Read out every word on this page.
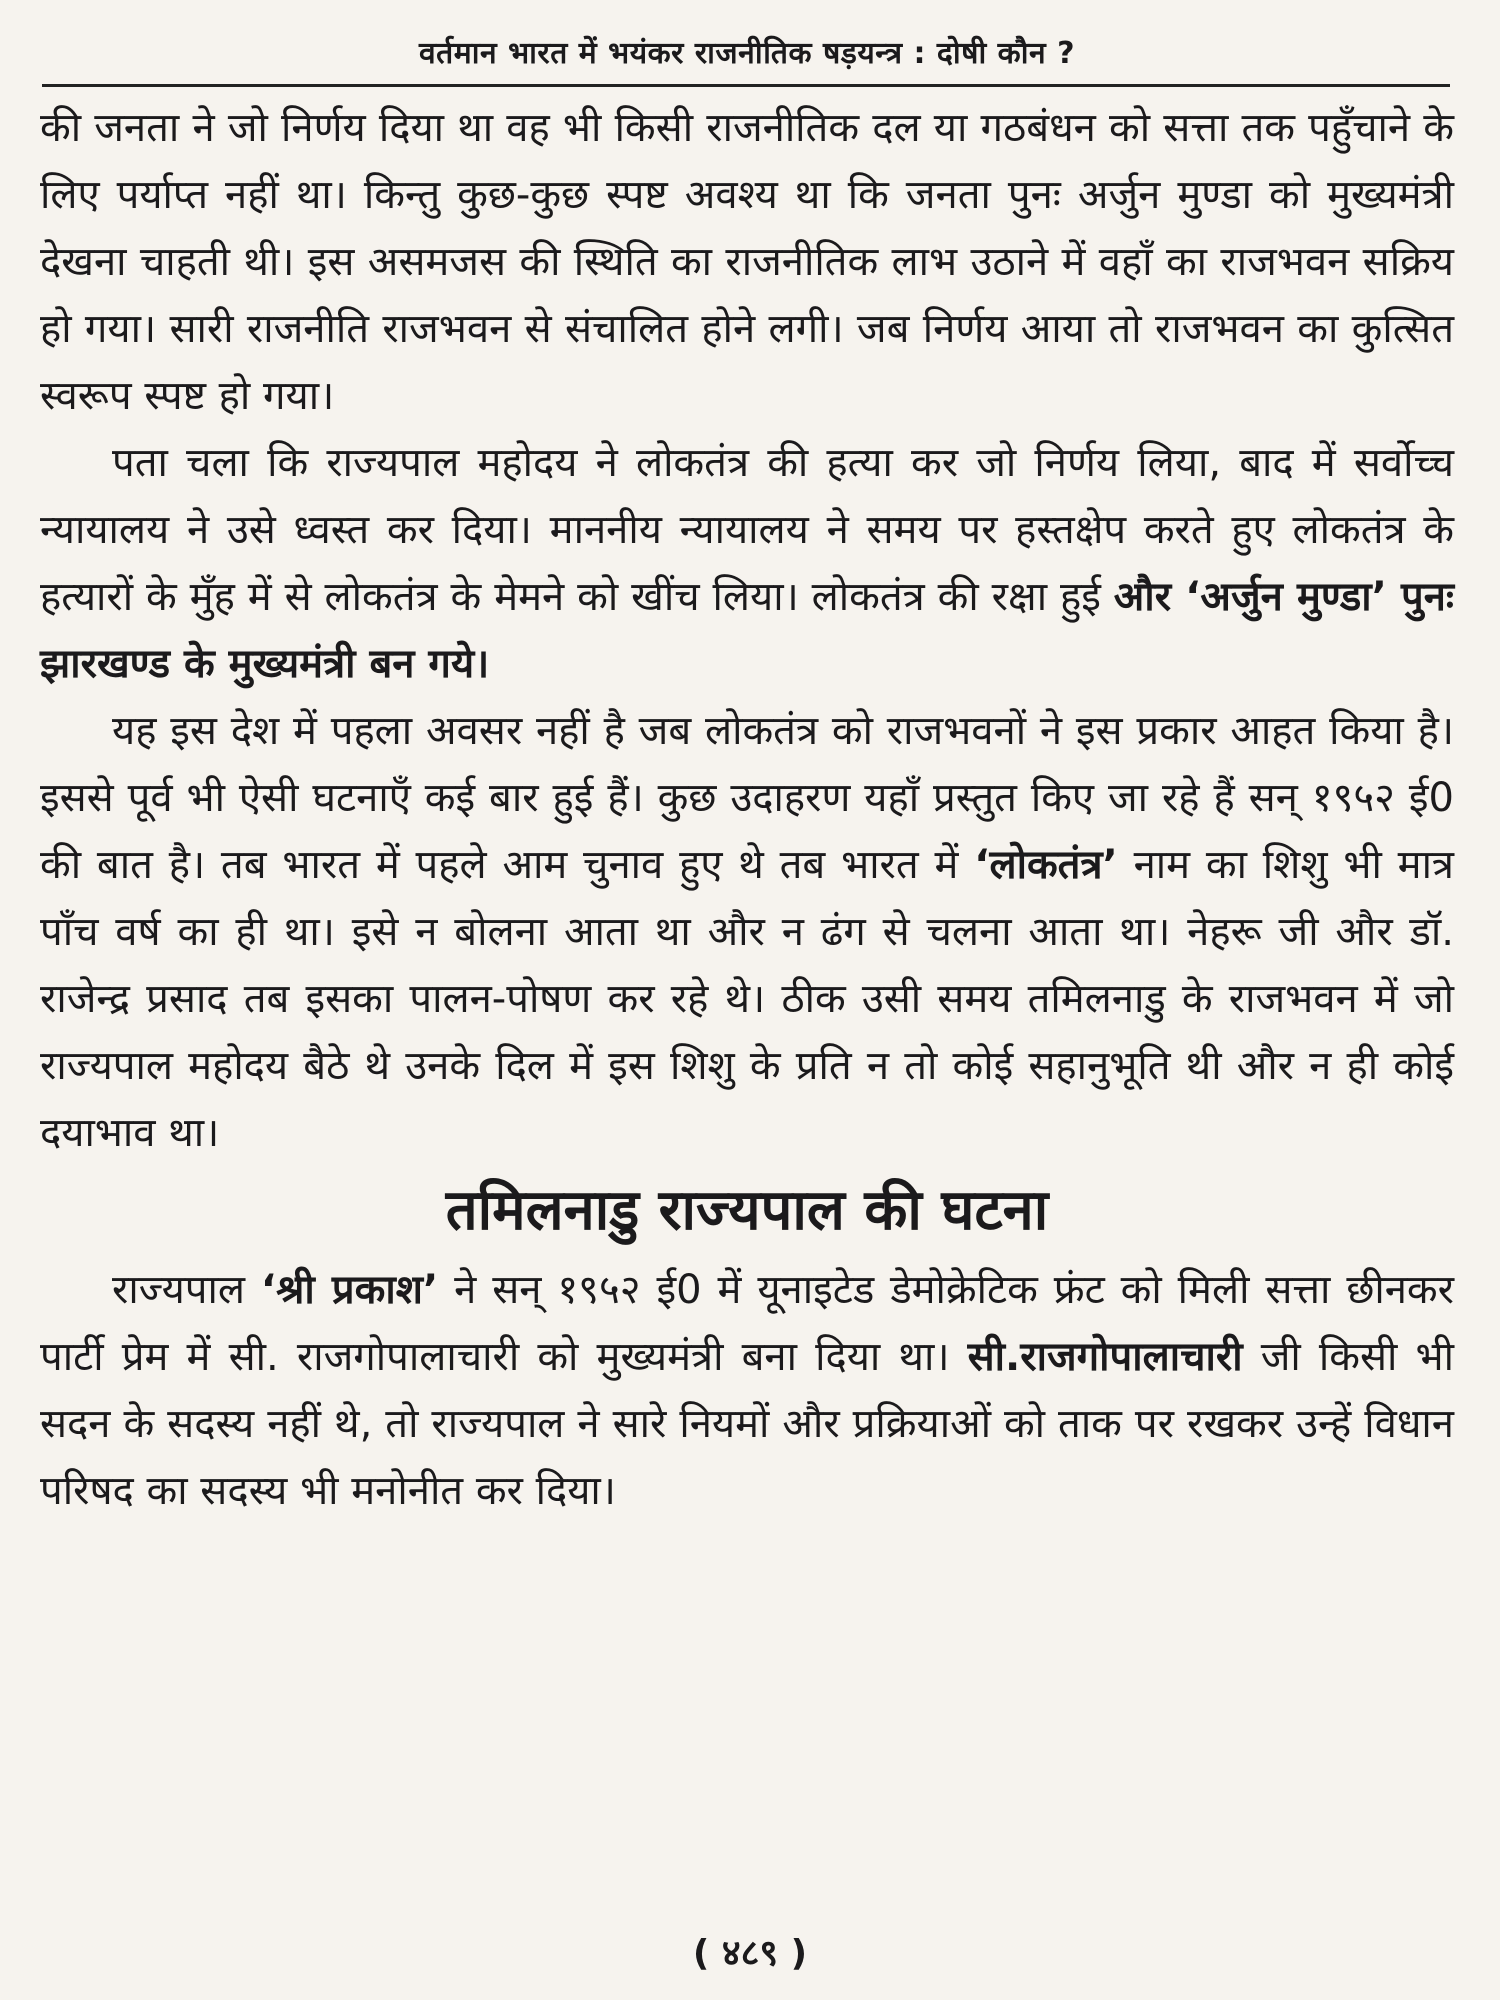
वर्तमान भारत में भयंकर राजनीतिक षड़यन्त्र : दोषी कौन ?

की जनता ने जो निर्णय दिया था वह भी किसी राजनीतिक दल या गठबंधन को सत्ता तक पहुँचाने के लिए पर्याप्त नहीं था। किन्तु कुछ-कुछ स्पष्ट अवश्य था कि जनता पुनः अर्जुन मुण्डा को मुख्यमंत्री देखना चाहती थी। इस असमजस की स्थिति का राजनीतिक लाभ उठाने में वहाँ का राजभवन सक्रिय हो गया। सारी राजनीति राजभवन से संचालित होने लगी। जब निर्णय आया तो राजभवन का कुत्सित स्वरूप स्पष्ट हो गया।

पता चला कि राज्यपाल महोदय ने लोकतंत्र की हत्या कर जो निर्णय लिया, बाद में सर्वोच्च न्यायालय ने उसे ध्वस्त कर दिया। माननीय न्यायालय ने समय पर हस्तक्षेप करते हुए लोकतंत्र के हत्यारों के मुँह में से लोकतंत्र के मेमने को खींच लिया। लोकतंत्र की रक्षा हुई और ‘अर्जुन मुण्डा’ पुनः झारखण्ड के मुख्यमंत्री बन गये।

यह इस देश में पहला अवसर नहीं है जब लोकतंत्र को राजभवनों ने इस प्रकार आहत किया है। इससे पूर्व भी ऐसी घटनाएँ कई बार हुई हैं। कुछ उदाहरण यहाँ प्रस्तुत किए जा रहे हैं सन् १९५२ ई0 की बात है। तब भारत में पहले आम चुनाव हुए थे तब भारत में ‘लोकतंत्र’ नाम का शिशु भी मात्र पाँच वर्ष का ही था। इसे न बोलना आता था और न ढंग से चलना आता था। नेहरू जी और डॉ. राजेन्द्र प्रसाद तब इसका पालन-पोषण कर रहे थे। ठीक उसी समय तमिलनाडु के राजभवन में जो राज्यपाल महोदय बैठे थे उनके दिल में इस शिशु के प्रति न तो कोई सहानुभूति थी और न ही कोई दयाभाव था।

तमिलनाडु राज्यपाल की घटना

राज्यपाल ‘श्री प्रकाश’ ने सन् १९५२ ई0 में यूनाइटेड डेमोक्रेटिक फ्रंट को मिली सत्ता छीनकर पार्टी प्रेम में सी. राजगोपालाचारी को मुख्यमंत्री बना दिया था। सी.राजगोपालाचारी जी किसी भी सदन के सदस्य नहीं थे, तो राज्यपाल ने सारे नियमों और प्रक्रियाओं को ताक पर रखकर उन्हें विधान परिषद का सदस्य भी मनोनीत कर दिया।

( ४८९ )
